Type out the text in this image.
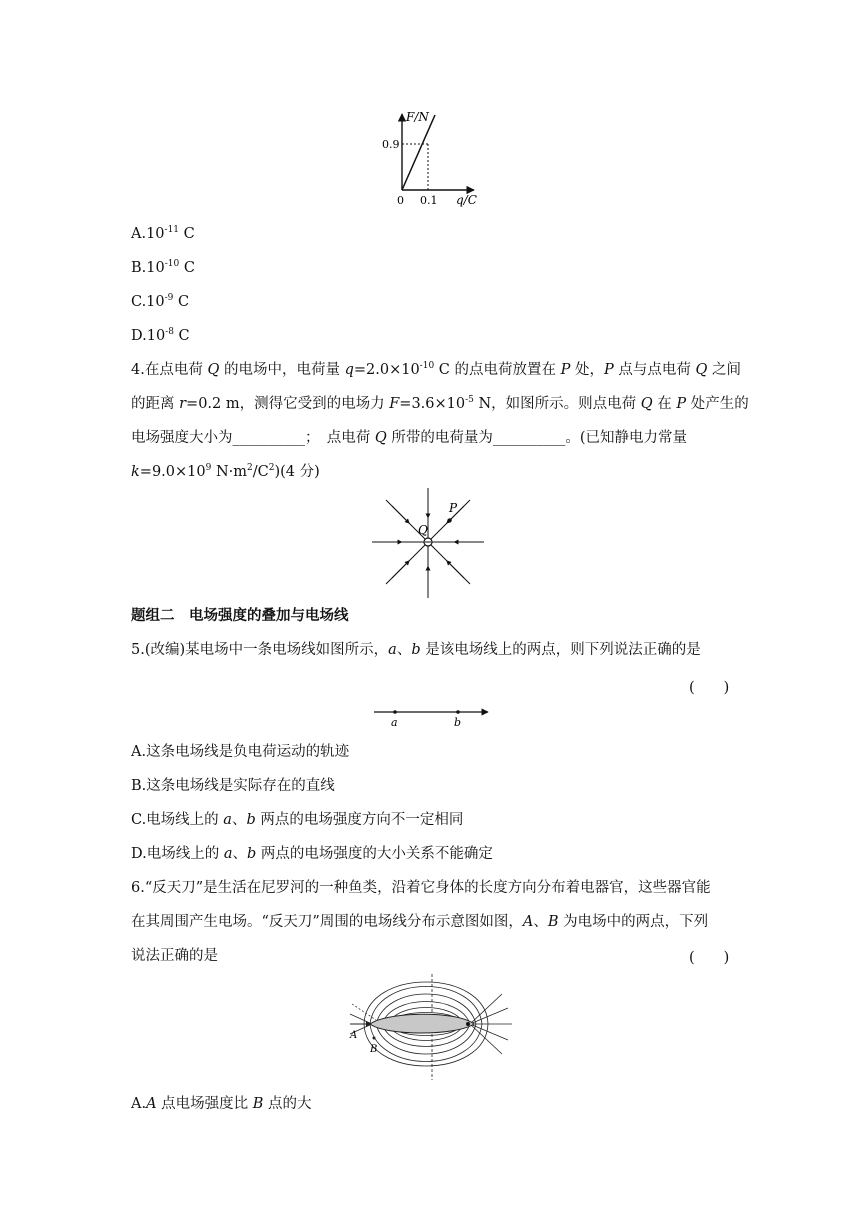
F/N
0.9
0 0.1 q/C
$A.10^{-11}$ C
$B.10^{-10}$ C
$C.10^{-9}$ C
$D.10^{-8}$ C
4.在点电荷 Q 的电场中，电荷量 $q=2.0\times 10^{-10}$ C 的点电荷放置在 P 处，P 点与点电荷 Q 之间
的距离 r=0.2 m，测得它受到的电场力 $F=3.6\times 10^{-5}$ N，如图所示。则点电荷 Q 在 P 处产生的
电场强度大小为__________；　点电荷 Q 所带的电荷量为__________。(已知静电力常量
$k=9.0\times 10^9$ $N\cdot m^2/C^2)(4$ 分)
Q
P
题组二　电场强度的叠加与电场线
5.(改编)某电场中一条电场线如图所示，a、b 是该电场线上的两点，则下列说法正确的是
(　　)
a	b
A.这条电场线是负电荷运动的轨迹
B.这条电场线是实际存在的直线
C.电场线上的 a、b 两点的电场强度方向不一定相同
D.电场线上的 a、b 两点的电场强度的大小关系不能确定
6.“反天刀”是生活在尼罗河的一种鱼类，沿着它身体的长度方向分布着电器官，这些器官能
在其周围产生电场。“反天刀”周围的电场线分布示意图如图，A、B 为电场中的两点，下列
说法正确的是	(　　)
A
B
A.A 点电场强度比 B 点的大
